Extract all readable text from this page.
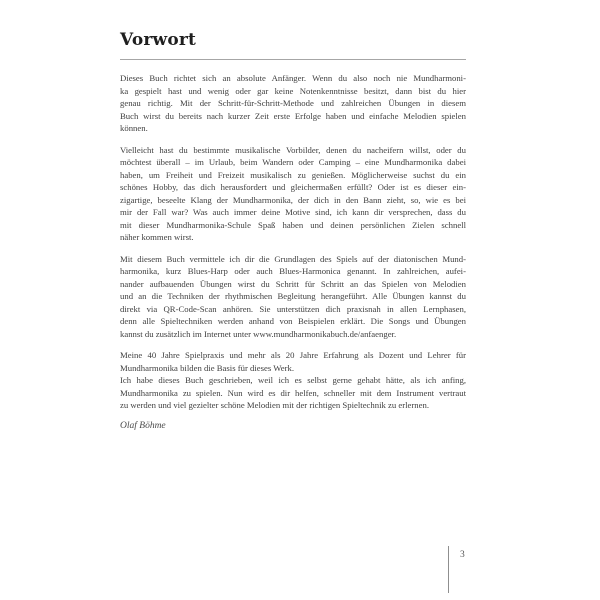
Vorwort
Dieses Buch richtet sich an absolute Anfänger. Wenn du also noch nie Mundharmoni-
ka gespielt hast und wenig oder gar keine Notenkenntnisse besitzt, dann bist du hier
genau richtig. Mit der Schritt-für-Schritt-Methode und zahlreichen Übungen in diesem
Buch wirst du bereits nach kurzer Zeit erste Erfolge haben und einfache Melodien spielen
können.
Vielleicht hast du bestimmte musikalische Vorbilder, denen du nacheifern willst, oder du
möchtest überall – im Urlaub, beim Wandern oder Camping – eine Mundharmonika dabei
haben, um Freiheit und Freizeit musikalisch zu genießen. Möglicherweise suchst du ein
schönes Hobby, das dich herausfordert und gleichermaßen erfüllt? Oder ist es dieser ein-
zigartige, beseelte Klang der Mundharmonika, der dich in den Bann zieht, so, wie es bei
mir der Fall war? Was auch immer deine Motive sind, ich kann dir versprechen, dass du
mit dieser Mundharmonika-Schule Spaß haben und deinen persönlichen Zielen schnell
näher kommen wirst.
Mit diesem Buch vermittele ich dir die Grundlagen des Spiels auf der diatonischen Mund-
harmonika, kurz Blues-Harp oder auch Blues-Harmonica genannt. In zahlreichen, aufei-
nander aufbauenden Übungen wirst du Schritt für Schritt an das Spielen von Melodien
und an die Techniken der rhythmischen Begleitung herangeführt. Alle Übungen kannst du
direkt via QR-Code-Scan anhören. Sie unterstützen dich praxisnah in allen Lernphasen,
denn alle Spieltechniken werden anhand von Beispielen erklärt. Die Songs und Übungen
kannst du zusätzlich im Internet unter www.mundharmonikabuch.de/anfaenger.
Meine 40 Jahre Spielpraxis und mehr als 20 Jahre Erfahrung als Dozent und Lehrer für
Mundharmonika bilden die Basis für dieses Werk.
Ich habe dieses Buch geschrieben, weil ich es selbst gerne gehabt hätte, als ich anfing,
Mundharmonika zu spielen. Nun wird es dir helfen, schneller mit dem Instrument vertraut
zu werden und viel gezielter schöne Melodien mit der richtigen Spieltechnik zu erlernen.
Olaf Böhme
3
